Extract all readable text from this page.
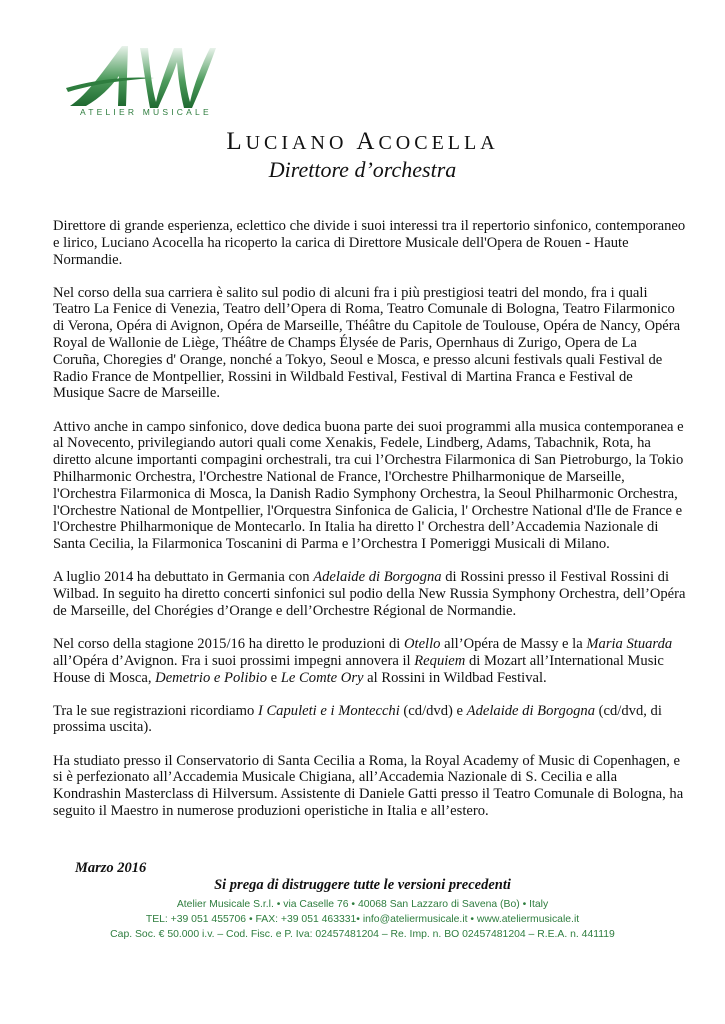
ATELIER MUSICALE
LUCIANO ACOCELLA
Direttore d’orchestra

Direttore di grande esperienza, eclettico che divide i suoi interessi tra il repertorio sinfonico, contemporaneo e lirico, Luciano Acocella ha ricoperto la carica di Direttore Musicale dell'Opera de Rouen - Haute Normandie.

Nel corso della sua carriera è salito sul podio di alcuni fra i più prestigiosi teatri del mondo, fra i quali Teatro La Fenice di Venezia, Teatro dell’Opera di Roma, Teatro Comunale di Bologna, Teatro Filarmonico di Verona, Opéra di Avignon, Opéra de Marseille, Théâtre du Capitole de Toulouse, Opéra de Nancy, Opéra Royal de Wallonie de Liège, Théâtre de Champs Élysée de Paris, Opernhaus di Zurigo, Opera de La Coruña, Choregies d' Orange, nonché a Tokyo, Seoul e Mosca, e presso alcuni festivals quali Festival de Radio France de Montpellier, Rossini in Wildbald Festival, Festival di Martina Franca e Festival de Musique Sacre de Marseille.

Attivo anche in campo sinfonico, dove dedica buona parte dei suoi programmi alla musica contemporanea e al Novecento, privilegiando autori quali come Xenakis, Fedele, Lindberg, Adams, Tabachnik, Rota, ha diretto alcune importanti compagini orchestrali, tra cui l’Orchestra Filarmonica di San Pietroburgo, la Tokio Philharmonic Orchestra, l'Orchestre National de France, l'Orchestre Philharmonique de Marseille, l'Orchestra Filarmonica di Mosca, la Danish Radio Symphony Orchestra, la Seoul Philharmonic Orchestra, l'Orchestre National de Montpellier, l'Orquestra Sinfonica de Galicia, l' Orchestre National d'Ile de France e l'Orchestre Philharmonique de Montecarlo. In Italia ha diretto l' Orchestra dell’Accademia Nazionale di Santa Cecilia, la Filarmonica Toscanini di Parma e l’Orchestra I Pomeriggi Musicali di Milano.

A luglio 2014 ha debuttato in Germania con Adelaide di Borgogna di Rossini presso il Festival Rossini di Wilbad. In seguito ha diretto concerti sinfonici sul podio della New Russia Symphony Orchestra, dell’Opéra de Marseille, del Chorégies d’Orange e dell’Orchestre Régional de Normandie.

Nel corso della stagione 2015/16 ha diretto le produzioni di Otello all’Opéra de Massy e la Maria Stuarda all’Opéra d’Avignon. Fra i suoi prossimi impegni annovera il Requiem di Mozart all’International Music House di Mosca, Demetrio e Polibio e Le Comte Ory al Rossini in Wildbad Festival.

Tra le sue registrazioni ricordiamo I Capuleti e i Montecchi (cd/dvd) e Adelaide di Borgogna (cd/dvd, di prossima uscita).

Ha studiato presso il Conservatorio di Santa Cecilia a Roma, la Royal Academy of Music di Copenhagen, e si è perfezionato all’Accademia Musicale Chigiana, all’Accademia Nazionale di S. Cecilia e alla Kondrashin Masterclass di Hilversum. Assistente di Daniele Gatti presso il Teatro Comunale di Bologna, ha seguito il Maestro in numerose produzioni operistiche in Italia e all’estero.

Marzo 2016
Si prega di distruggere tutte le versioni precedenti
Atelier Musicale S.r.l. • via Caselle 76 • 40068 San Lazzaro di Savena (Bo) • Italy
TEL: +39 051 455706 • FAX: +39 051 463331• info@ateliermusicale.it • www.ateliermusicale.it
Cap. Soc. € 50.000 i.v. – Cod. Fisc. e P. Iva: 02457481204 – Re. Imp. n. BO 02457481204 – R.E.A. n. 441119
